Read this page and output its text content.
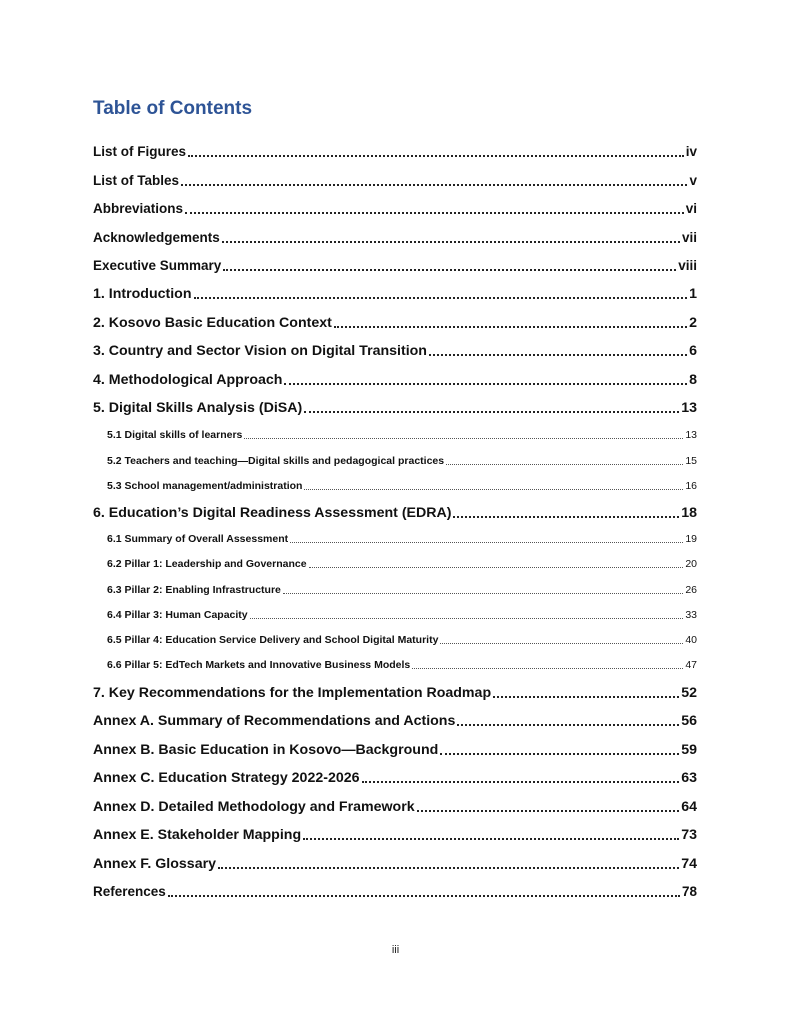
Table of Contents
List of Figures	iv
List of Tables	v
Abbreviations	vi
Acknowledgements	vii
Executive Summary	viii
1. Introduction	1
2. Kosovo Basic Education Context	2
3. Country and Sector Vision on Digital Transition	6
4. Methodological Approach	8
5. Digital Skills Analysis (DiSA)	13
5.1 Digital skills of learners	13
5.2 Teachers and teaching—Digital skills and pedagogical practices	15
5.3 School management/administration	16
6. Education’s Digital Readiness Assessment (EDRA)	18
6.1 Summary of Overall Assessment	19
6.2 Pillar 1: Leadership and Governance	20
6.3 Pillar 2: Enabling Infrastructure	26
6.4 Pillar 3: Human Capacity	33
6.5 Pillar 4: Education Service Delivery and School Digital Maturity	40
6.6 Pillar 5: EdTech Markets and Innovative Business Models	47
7. Key Recommendations for the Implementation Roadmap	52
Annex A. Summary of Recommendations and Actions	56
Annex B. Basic Education in Kosovo—Background	59
Annex C. Education Strategy 2022-2026	63
Annex D. Detailed Methodology and Framework	64
Annex E. Stakeholder Mapping	73
Annex F. Glossary	74
References	78
iii
